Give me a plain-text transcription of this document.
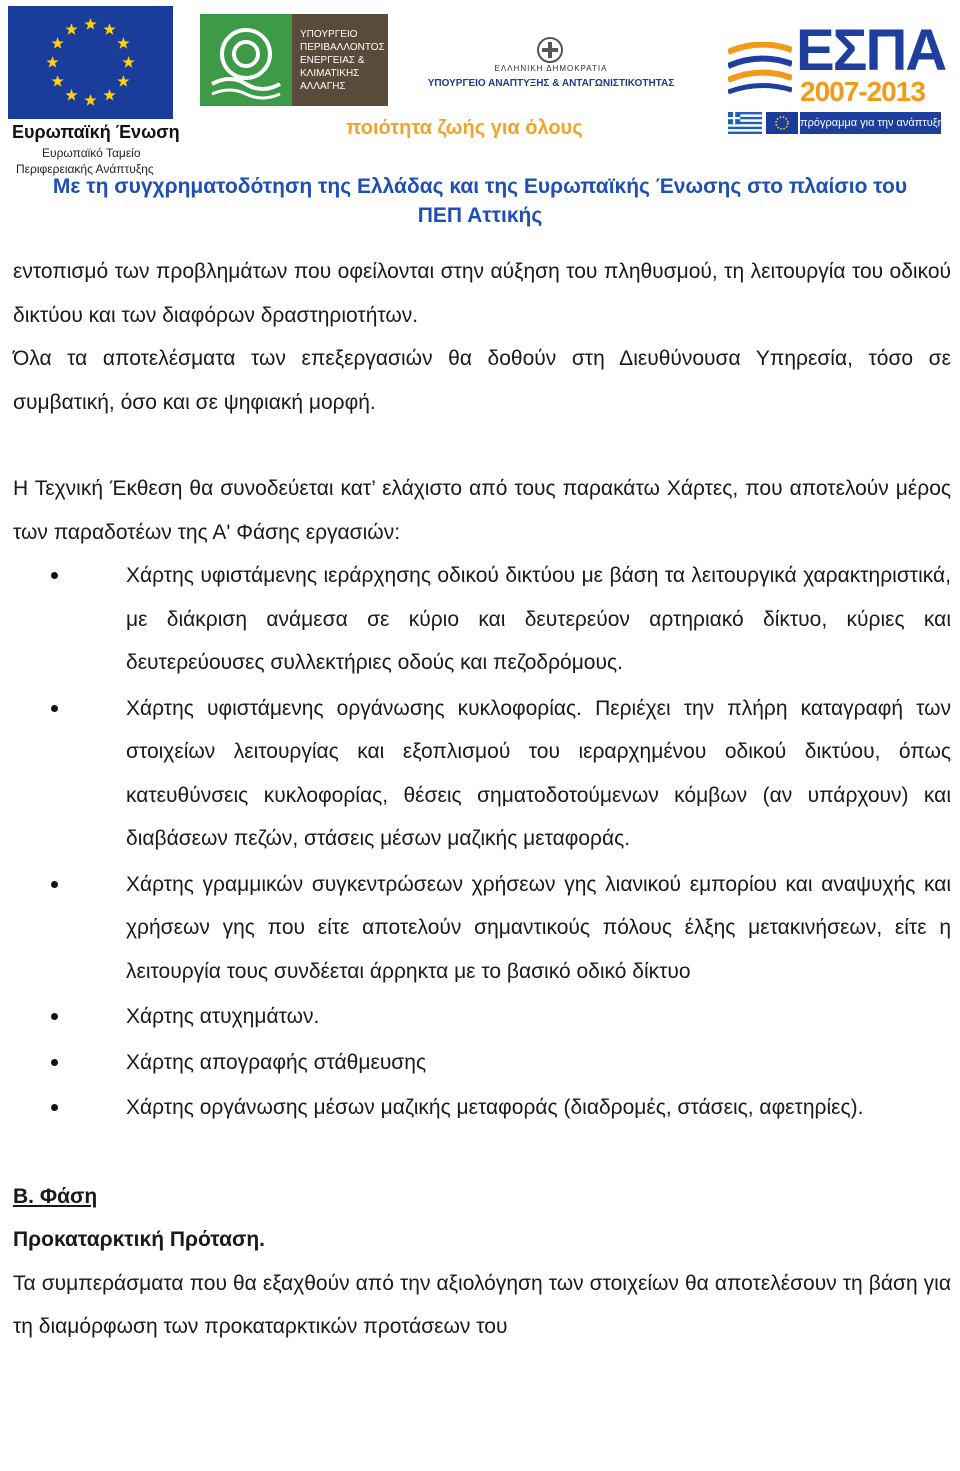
Ευρωπαϊκή Ένωση
Ευρωπαϊκό Ταμείο
Περιφερειακής Ανάπτυξης
ΥΠΟΥΡΓΕΙΟ
ΠΕΡΙΒΑΛΛΟΝΤΟΣ
ΕΝΕΡΓΕΙΑΣ &
ΚΛΙΜΑΤΙΚΗΣ
ΑΛΛΑΓΗΣ
ΕΛΛΗΝΙΚΗ ΔΗΜΟΚΡΑΤΙΑ
ΥΠΟΥΡΓΕΙΟ ΑΝΑΠΤΥΞΗΣ & ΑΝΤΑΓΩΝΙΣΤΙΚΟΤΗΤΑΣ
ΕΣΠΑ
2007-2013
πρόγραμμα για την ανάπτυξη
ποιότητα ζωής για όλους
Με τη συγχρηματοδότηση της Ελλάδας και της Ευρωπαϊκής Ένωσης στο πλαίσιο του ΠΕΠ Αττικής

εντοπισμό των προβλημάτων που οφείλονται στην αύξηση του πληθυσμού, τη λειτουργία του οδικού δικτύου και των διαφόρων δραστηριοτήτων.

Όλα τα αποτελέσματα των επεξεργασιών θα δοθούν στη Διευθύνουσα Υπηρεσία, τόσο σε συμβατική, όσο και σε ψηφιακή μορφή.

Η Τεχνική Έκθεση θα συνοδεύεται κατ’ ελάχιστο από τους παρακάτω Χάρτες, που αποτελούν μέρος των παραδοτέων της Α' Φάσης εργασιών:

Χάρτης υφιστάμενης ιεράρχησης οδικού δικτύου με βάση τα λειτουργικά χαρακτηριστικά, με διάκριση ανάμεσα σε κύριο και δευτερεύον αρτηριακό δίκτυο, κύριες και δευτερεύουσες συλλεκτήριες οδούς και πεζοδρόμους.
Χάρτης υφιστάμενης οργάνωσης κυκλοφορίας. Περιέχει την πλήρη καταγραφή των στοιχείων λειτουργίας και εξοπλισμού του ιεραρχημένου οδικού δικτύου, όπως κατευθύνσεις κυκλοφορίας, θέσεις σηματοδοτούμενων κόμβων (αν υπάρχουν) και διαβάσεων πεζών, στάσεις μέσων μαζικής μεταφοράς.
Χάρτης γραμμικών συγκεντρώσεων χρήσεων γης λιανικού εμπορίου και αναψυχής και χρήσεων γης που είτε αποτελούν σημαντικούς πόλους έλξης μετακινήσεων, είτε η λειτουργία τους συνδέεται άρρηκτα με το βασικό οδικό δίκτυο
Χάρτης ατυχημάτων.
Χάρτης απογραφής στάθμευσης
Χάρτης οργάνωσης μέσων μαζικής μεταφοράς (διαδρομές, στάσεις, αφετηρίες).

Β. Φάση

Προκαταρκτική Πρόταση.

Τα συμπεράσματα που θα εξαχθούν από την αξιολόγηση των στοιχείων θα αποτελέσουν τη βάση για τη διαμόρφωση των προκαταρκτικών προτάσεων του
